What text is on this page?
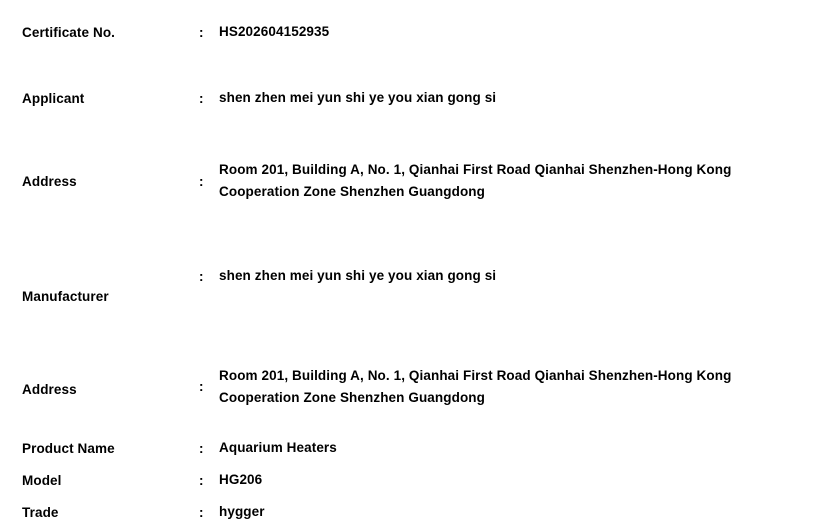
Certificate No.	:	HS202604152935
Applicant	:	shen zhen mei yun shi ye you xian gong si
Address	:	Room 201, Building A, No. 1, Qianhai First Road Qianhai Shenzhen-Hong Kong Cooperation Zone Shenzhen Guangdong
Manufacturer	:	shen zhen mei yun shi ye you xian gong si
Address	:	Room 201, Building A, No. 1, Qianhai First Road Qianhai Shenzhen-Hong Kong Cooperation Zone Shenzhen Guangdong
Product Name	:	Aquarium Heaters
Model	:	HG206
Trade	:	hygger
